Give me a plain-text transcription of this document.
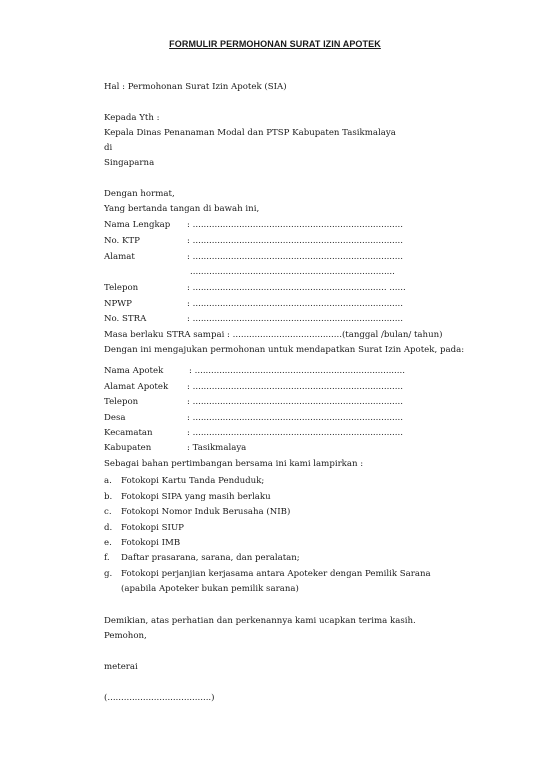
FORMULIR PERMOHONAN SURAT IZIN APOTEK
Hal : Permohonan Surat Izin Apotek (SIA)
Kepada Yth :
Kepala Dinas Penanaman Modal dan PTSP Kabupaten Tasikmalaya
di
Singaparna
Dengan hormat,
Yang bertanda tangan di bawah ini,
Nama Lengkap : .............................................................................
No. KTP	: .............................................................................
Alamat	: .............................................................................
...........................................................................
Telepon	: ....................................................................... ......
NPWP	: .............................................................................
No. STRA	: .............................................................................
Masa berlaku STRA sampai : ........................................(tanggal /bulan/ tahun)
Dengan ini mengajukan permohonan untuk mendapatkan Surat Izin Apotek, pada:
Nama Apotek	: .............................................................................
Alamat Apotek : .............................................................................
Telepon	: .............................................................................
Desa	: .............................................................................
Kecamatan	: .............................................................................
Kabupaten	: Tasikmalaya
Sebagai bahan pertimbangan bersama ini kami lampirkan :
a. Fotokopi Kartu Tanda Penduduk;
b. Fotokopi SIPA yang masih berlaku
c. Fotokopi Nomor Induk Berusaha (NIB)
d. Fotokopi SIUP
e. Fotokopi IMB
f. Daftar prasarana, sarana, dan peralatan;
g. Fotokopi perjanjian kerjasama antara Apoteker dengan Pemilik Sarana
(apabila Apoteker bukan pemilik sarana)
Demikian, atas perhatian dan perkenannya kami ucapkan terima kasih.
Pemohon,
meterai
(......................................)
